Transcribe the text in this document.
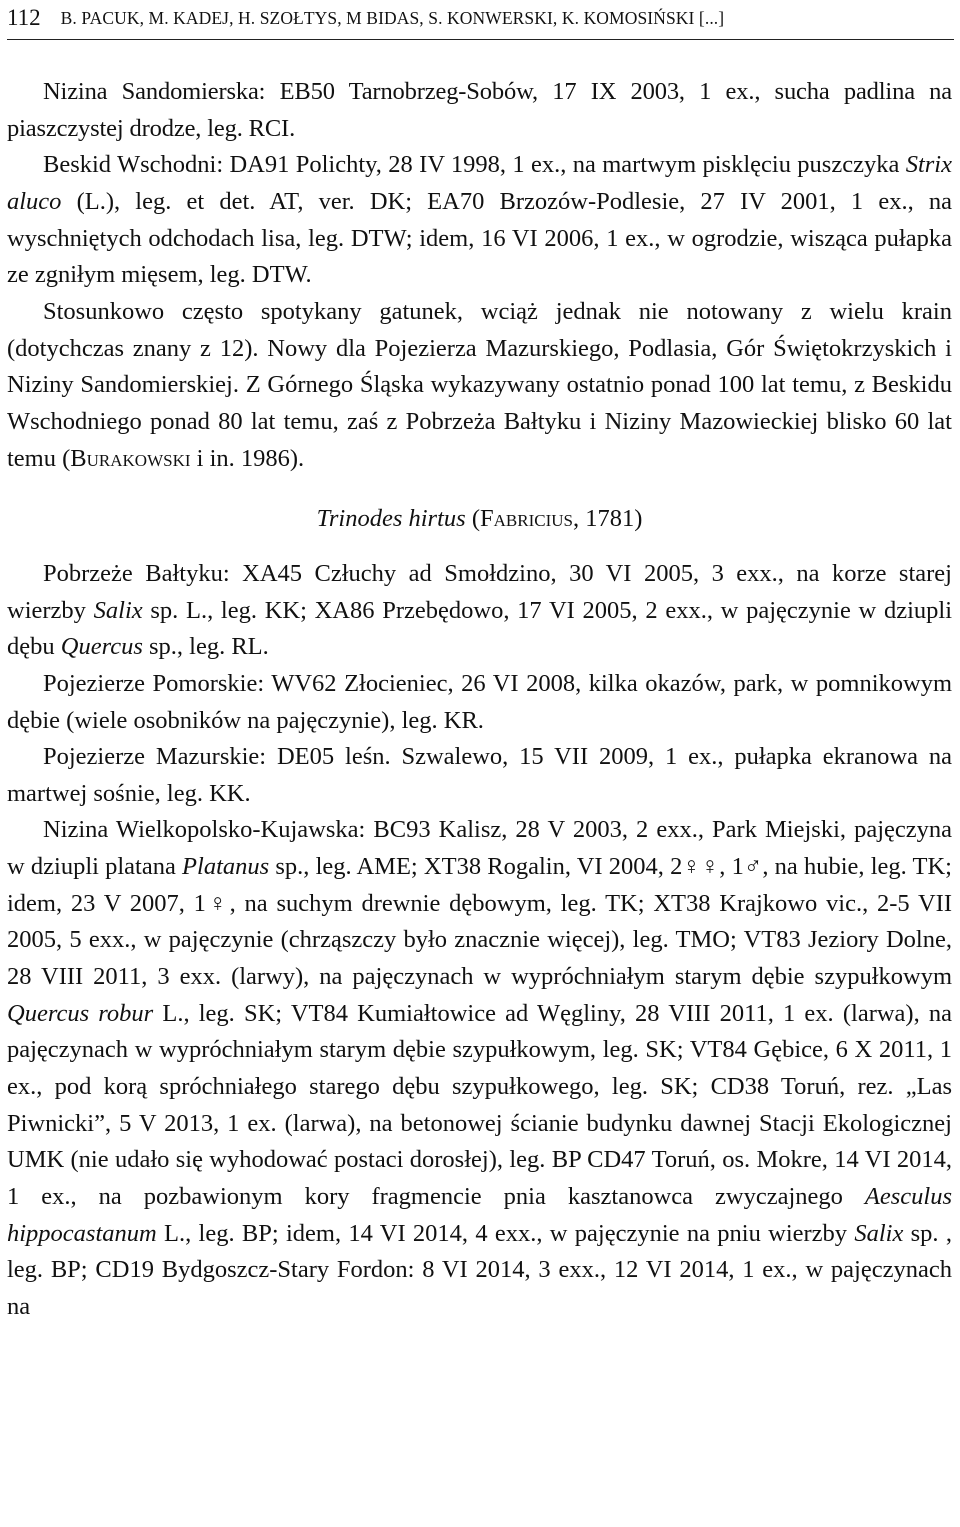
112 B. PACUK, M. KADEJ, H. SZOŁTYS, M BIDAS, S. KONWERSKI, K. KOMOSIŃSKI [...]

Nizina Sandomierska: EB50 Tarnobrzeg-Sobów, 17 IX 2003, 1 ex., sucha padlina na piaszczystej drodze, leg. RCI.

Beskid Wschodni: DA91 Polichty, 28 IV 1998, 1 ex., na martwym pisklęciu puszczyka Strix aluco (L.), leg. et det. AT, ver. DK; EA70 Brzozów-Podlesie, 27 IV 2001, 1 ex., na wyschniętych odchodach lisa, leg. DTW; idem, 16 VI 2006, 1 ex., w ogrodzie, wisząca pułapka ze zgniłym mięsem, leg. DTW.

Stosunkowo często spotykany gatunek, wciąż jednak nie notowany z wielu krain (dotychczas znany z 12). Nowy dla Pojezierza Mazurskiego, Podlasia, Gór Świętokrzyskich i Niziny Sandomierskiej. Z Górnego Śląska wykazywany ostatnio ponad 100 lat temu, z Beskidu Wschodniego ponad 80 lat temu, zaś z Pobrzeża Bałtyku i Niziny Mazowieckiej blisko 60 lat temu (Burakowski i in. 1986).

Trinodes hirtus (Fabricius, 1781)

Pobrzeże Bałtyku: XA45 Człuchy ad Smołdzino, 30 VI 2005, 3 exx., na korze starej wierzby Salix sp. L., leg. KK; XA86 Przebędowo, 17 VI 2005, 2 exx., w pajęczynie w dziupli dębu Quercus sp., leg. RL.

Pojezierze Pomorskie: WV62 Złocieniec, 26 VI 2008, kilka okazów, park, w pomnikowym dębie (wiele osobników na pajęczynie), leg. KR.

Pojezierze Mazurskie: DE05 leśn. Szwalewo, 15 VII 2009, 1 ex., pułapka ekranowa na martwej sośnie, leg. KK.

Nizina Wielkopolsko-Kujawska: BC93 Kalisz, 28 V 2003, 2 exx., Park Miejski, pajęczyna w dziupli platana Platanus sp., leg. AME; XT38 Rogalin, VI 2004, 2♀♀, 1♂, na hubie, leg. TK; idem, 23 V 2007, 1♀, na suchym drewnie dębowym, leg. TK; XT38 Krajkowo vic., 2-5 VII 2005, 5 exx., w pajęczynie (chrząszczy było znacznie więcej), leg. TMO; VT83 Jeziory Dolne, 28 VIII 2011, 3 exx. (larwy), na pajęczynach w wypróchniałym starym dębie szypułkowym Quercus robur L., leg. SK; VT84 Kumiałtowice ad Węgliny, 28 VIII 2011, 1 ex. (larwa), na pajęczynach w wypróchniałym starym dębie szypułkowym, leg. SK; VT84 Gębice, 6 X 2011, 1 ex., pod korą spróchniałego starego dębu szypułkowego, leg. SK; CD38 Toruń, rez. „Las Piwnicki”, 5 V 2013, 1 ex. (larwa), na betonowej ścianie budynku dawnej Stacji Ekologicznej UMK (nie udało się wyhodować postaci dorosłej), leg. BP CD47 Toruń, os. Mokre, 14 VI 2014, 1 ex., na pozbawionym kory fragmencie pnia kasztanowca zwyczajnego Aesculus hippocastanum L., leg. BP; idem, 14 VI 2014, 4 exx., w pajęczynie na pniu wierzby Salix sp. , leg. BP; CD19 Bydgoszcz-Stary Fordon: 8 VI 2014, 3 exx., 12 VI 2014, 1 ex., w pajęczynach na
